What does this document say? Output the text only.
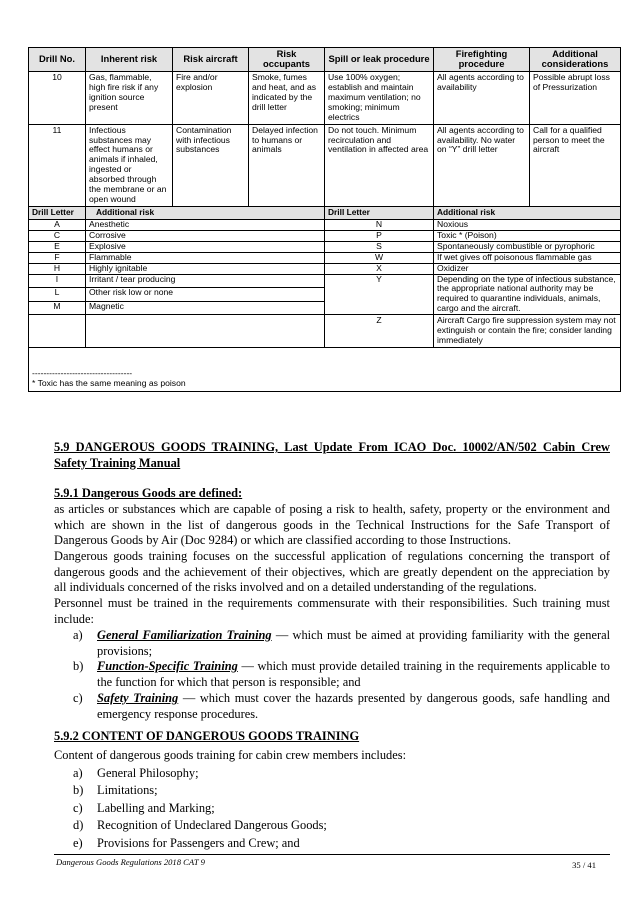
Drill No.	Inherent risk	Risk aircraft	Risk occupants	Spill or leak procedure	Firefighting procedure	Additional considerations
10	Gas, flammable, high fire risk if any ignition source present	Fire and/or explosion	Smoke, fumes and heat, and as indicated by the drill letter	Use 100% oxygen; establish and maintain maximum ventilation; no smoking; minimum electrics	All agents according to availability	Possible abrupt loss of Pressurization
11	Infectious substances may effect humans or animals if inhaled, ingested or absorbed through the membrane or an open wound	Contamination with infectious substances	Delayed infection to humans or animals	Do not touch. Minimum recirculation and ventilation in affected area	All agents according to availability. No water on “Y” drill letter	Call for a qualified person to meet the aircraft
Drill Letter	Additional risk			Drill Letter	Additional risk	
A	Anesthetic			N	Noxious	
C	Corrosive			P	Toxic * (Poison)	
E	Explosive			S	Spontaneously combustible or pyrophoric	
F	Flammable			W	If wet gives off poisonous flammable gas	
H	Highly ignitable			X	Oxidizer	
I	Irritant / tear producing			Y	Depending on the type of infectious substance, the appropriate national authority may be required to quarantine individuals, animals, cargo and the aircraft.	
L	Other risk low or none					
M	Magnetic					
				Z	Aircraft Cargo fire suppression system may not extinguish or contain the fire; consider landing immediately	

-----------------------------------
* Toxic has the same meaning as poison						
5.9 DANGEROUS GOODS TRAINING, Last Update From ICAO Doc. 10002/AN/502 Cabin Crew Safety Training Manual
5.9.1 Dangerous Goods are defined:
as articles or substances which are capable of posing a risk to health, safety, property or the environment and which are shown in the list of dangerous goods in the Technical Instructions for the Safe Transport of Dangerous Goods by Air (Doc 9284) or which are classified according to those Instructions.
Dangerous goods training focuses on the successful application of regulations concerning the transport of dangerous goods and the achievement of their objectives, which are greatly dependent on the appreciation by all individuals concerned of the risks involved and on a detailed understanding of the regulations.
Personnel must be trained in the requirements commensurate with their responsibilities. Such training must include:
a) General Familiarization Training — which must be aimed at providing familiarity with the general provisions;
b) Function-Specific Training — which must provide detailed training in the requirements applicable to the function for which that person is responsible; and
c) Safety Training — which must cover the hazards presented by dangerous goods, safe handling and emergency response procedures.
5.9.2 CONTENT OF DANGEROUS GOODS TRAINING
Content of dangerous goods training for cabin crew members includes:
a) General Philosophy;
b) Limitations;
c) Labelling and Marking;
d) Recognition of Undeclared Dangerous Goods;
e) Provisions for Passengers and Crew; and
Dangerous Goods Regulations 2018 CAT 9	35 / 41
